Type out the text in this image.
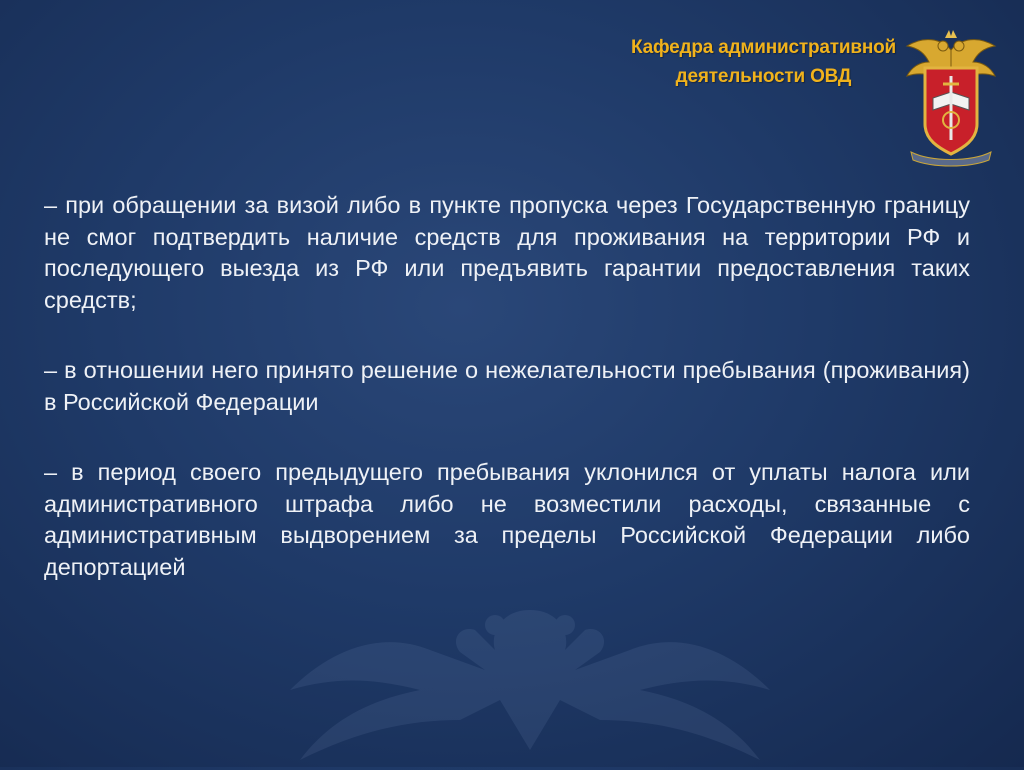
Кафедра административной
деятельности ОВД

– при обращении за визой либо в пункте пропуска через Государственную границу не смог подтвердить наличие средств для проживания на территории РФ и последующего выезда из РФ или предъявить гарантии предоставления таких средств;

– в отношении него принято решение о нежелательности пребывания (проживания) в Российской Федерации

– в период своего предыдущего пребывания уклонился от уплаты налога или административного штрафа либо не возместили расходы, связанные с административным выдворением за пределы Российской Федерации либо депортацией
